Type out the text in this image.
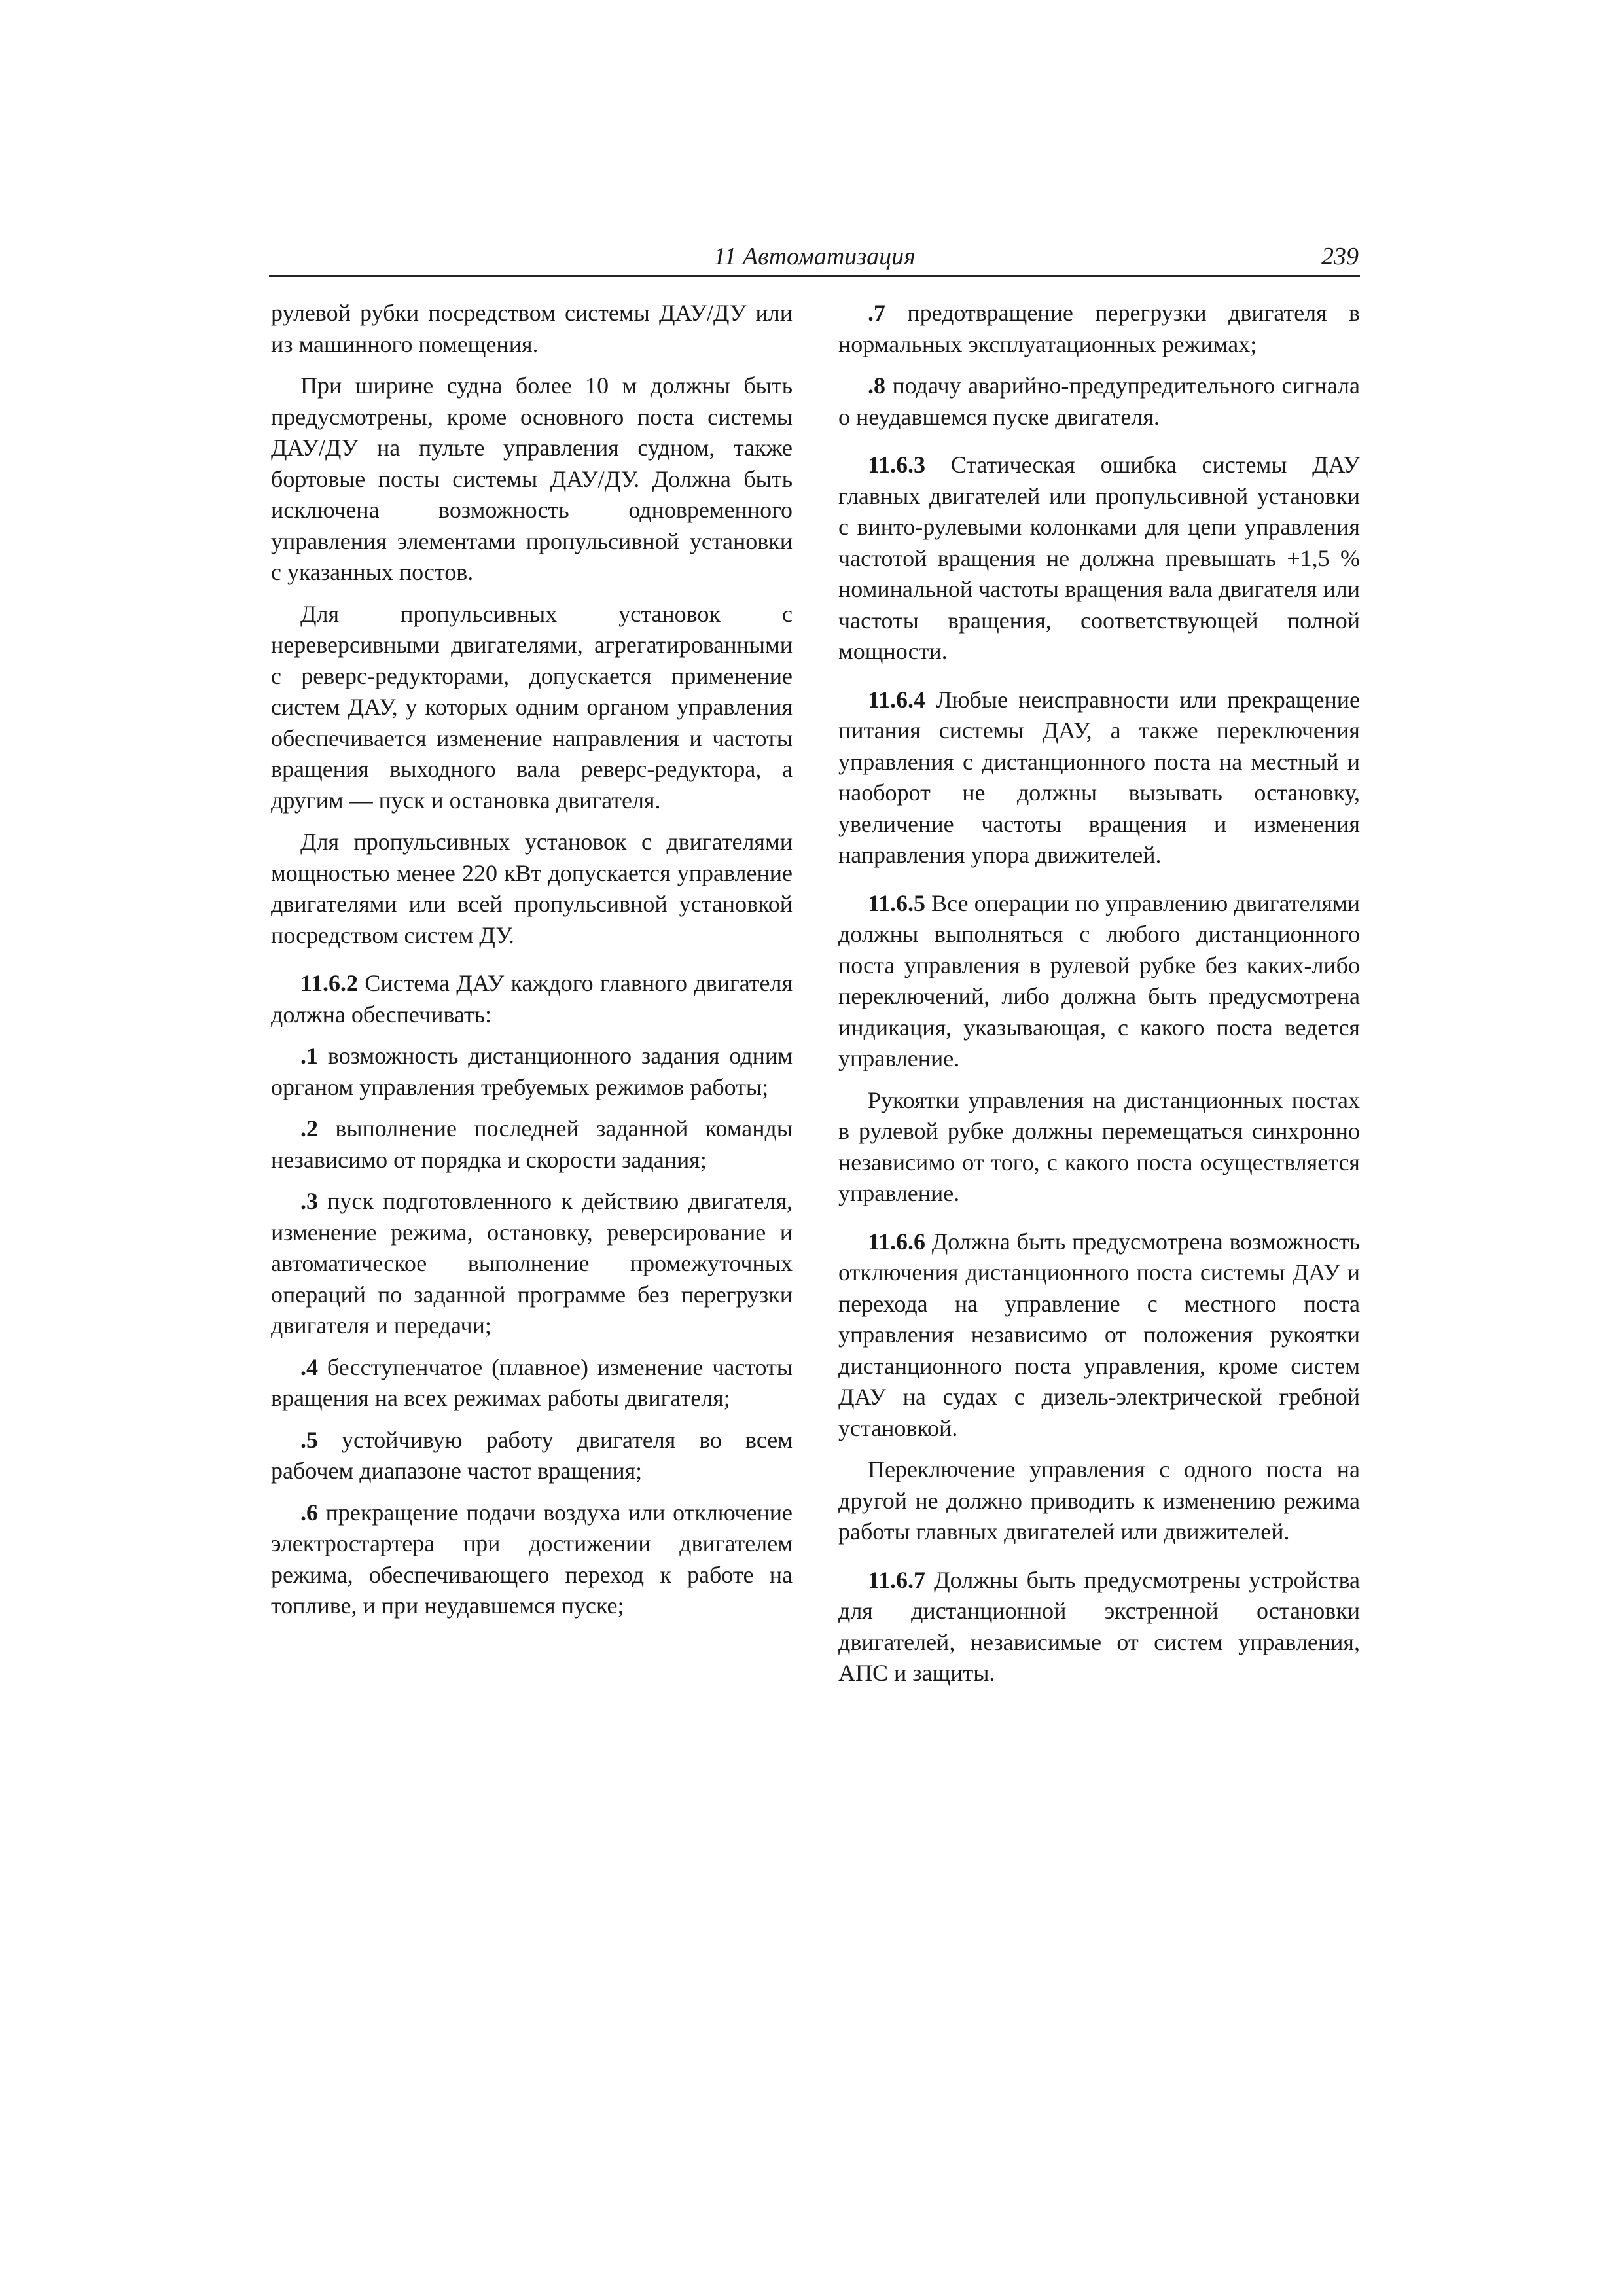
11 Автоматизация	239

рулевой рубки посредством системы ДАУ/ДУ или из машинного помещения.

При ширине судна более 10 м должны быть предусмотрены, кроме основного поста системы ДАУ/ДУ на пульте управления судном, также бортовые посты системы ДАУ/ДУ. Должна быть исключена возможность одновременного управления элементами пропульсивной установки с указанных постов.

Для пропульсивных установок с нереверсивными двигателями, агрегатированными с реверс-редукторами, допускается применение систем ДАУ, у которых одним органом управления обеспечивается изменение направления и частоты вращения выходного вала реверс-редуктора, а другим — пуск и остановка двигателя.

Для пропульсивных установок с двигателями мощностью менее 220 кВт допускается управление двигателями или всей пропульсивной установкой посредством систем ДУ.

11.6.2 Система ДАУ каждого главного двигателя должна обеспечивать:

.1 возможность дистанционного задания одним органом управления требуемых режимов работы;

.2 выполнение последней заданной команды независимо от порядка и скорости задания;

.3 пуск подготовленного к действию двигателя, изменение режима, остановку, реверсирование и автоматическое выполнение промежуточных операций по заданной программе без перегрузки двигателя и передачи;

.4 бесступенчатое (плавное) изменение частоты вращения на всех режимах работы двигателя;

.5 устойчивую работу двигателя во всем рабочем диапазоне частот вращения;

.6 прекращение подачи воздуха или отключение электростартера при достижении двигателем режима, обеспечивающего переход к работе на топливе, и при неудавшемся пуске;

.7 предотвращение перегрузки двигателя в нормальных эксплуатационных режимах;

.8 подачу аварийно-предупредительного сигнала о неудавшемся пуске двигателя.

11.6.3 Статическая ошибка системы ДАУ главных двигателей или пропульсивной установки с винто-рулевыми колонками для цепи управления частотой вращения не должна превышать +1,5 % номинальной частоты вращения вала двигателя или частоты вращения, соответствующей полной мощности.

11.6.4 Любые неисправности или прекращение питания системы ДАУ, а также переключения управления с дистанционного поста на местный и наоборот не должны вызывать остановку, увеличение частоты вращения и изменения направления упора движителей.

11.6.5 Все операции по управлению двигателями должны выполняться с любого дистанционного поста управления в рулевой рубке без каких-либо переключений, либо должна быть предусмотрена индикация, указывающая, с какого поста ведется управление.

Рукоятки управления на дистанционных постах в рулевой рубке должны перемещаться синхронно независимо от того, с какого поста осуществляется управление.

11.6.6 Должна быть предусмотрена возможность отключения дистанционного поста системы ДАУ и перехода на управление с местного поста управления независимо от положения рукоятки дистанционного поста управления, кроме систем ДАУ на судах с дизель-электрической гребной установкой.

Переключение управления с одного поста на другой не должно приводить к изменению режима работы главных двигателей или движителей.

11.6.7 Должны быть предусмотрены устройства для дистанционной экстренной остановки двигателей, независимые от систем управления, АПС и защиты.
